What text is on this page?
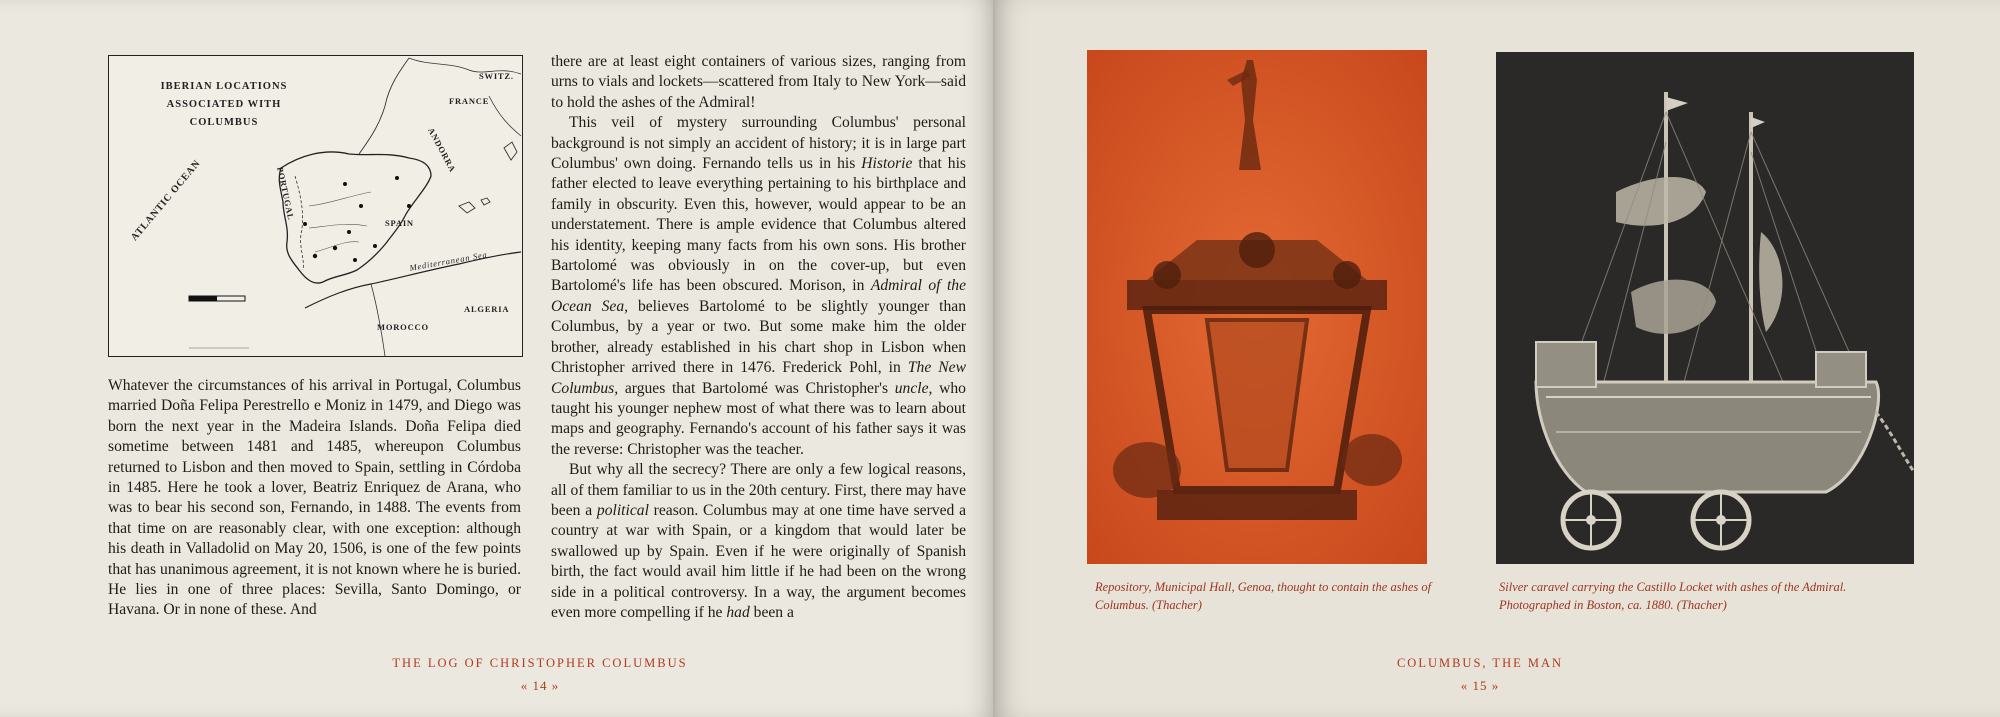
IBERIAN LOCATIONS ASSOCIATED WITH COLUMBUS
SWITZ.
FRANCE
ANDORRA
ATLANTIC OCEAN	PORTUGAL
SPAIN
Mediterranean Sea
ALGERIA
MOROCCO

Whatever the circumstances of his arrival in Portugal, Columbus married Doña Felipa Perestrello e Moniz in 1479, and Diego was born the next year in the Madeira Islands. Doña Felipa died sometime between 1481 and 1485, whereupon Columbus returned to Lisbon and then moved to Spain, settling in Córdoba in 1485. Here he took a lover, Beatriz Enriquez de Arana, who was to bear his second son, Fernando, in 1488. The events from that time on are reasonably clear, with one exception: although his death in Valladolid on May 20, 1506, is one of the few points that has unanimous agreement, it is not known where he is buried. He lies in one of three places: Sevilla, Santo Domingo, or Havana. Or in none of these. And

there are at least eight containers of various sizes, ranging from urns to vials and lockets—scattered from Italy to New York—said to hold the ashes of the Admiral!

This veil of mystery surrounding Columbus' personal background is not simply an accident of history; it is in large part Columbus' own doing. Fernando tells us in his Historie that his father elected to leave everything pertaining to his birthplace and family in obscurity. Even this, however, would appear to be an understatement. There is ample evidence that Columbus altered his identity, keeping many facts from his own sons. His brother Bartolomé was obviously in on the cover-up, but even Bartolomé's life has been obscured. Morison, in Admiral of the Ocean Sea, believes Bartolomé to be slightly younger than Columbus, by a year or two. But some make him the older brother, already established in his chart shop in Lisbon when Christopher arrived there in 1476. Frederick Pohl, in The New Columbus, argues that Bartolomé was Christopher's uncle, who taught his younger nephew most of what there was to learn about maps and geography. Fernando's account of his father says it was the reverse: Christopher was the teacher.

But why all the secrecy? There are only a few logical reasons, all of them familiar to us in the 20th century. First, there may have been a political reason. Columbus may at one time have served a country at war with Spain, or a kingdom that would later be swallowed up by Spain. Even if he were originally of Spanish birth, the fact would avail him little if he had been on the wrong side in a political controversy. In a way, the argument becomes even more compelling if he had been a

THE LOG OF CHRISTOPHER COLUMBUS
« 14 »
Repository, Municipal Hall, Genoa, thought to contain the ashes of Columbus. (Thacher)
Silver caravel carrying the Castillo Locket with ashes of the Admiral. Photographed in Boston, ca. 1880. (Thacher)
COLUMBUS, THE MAN
« 15 »
